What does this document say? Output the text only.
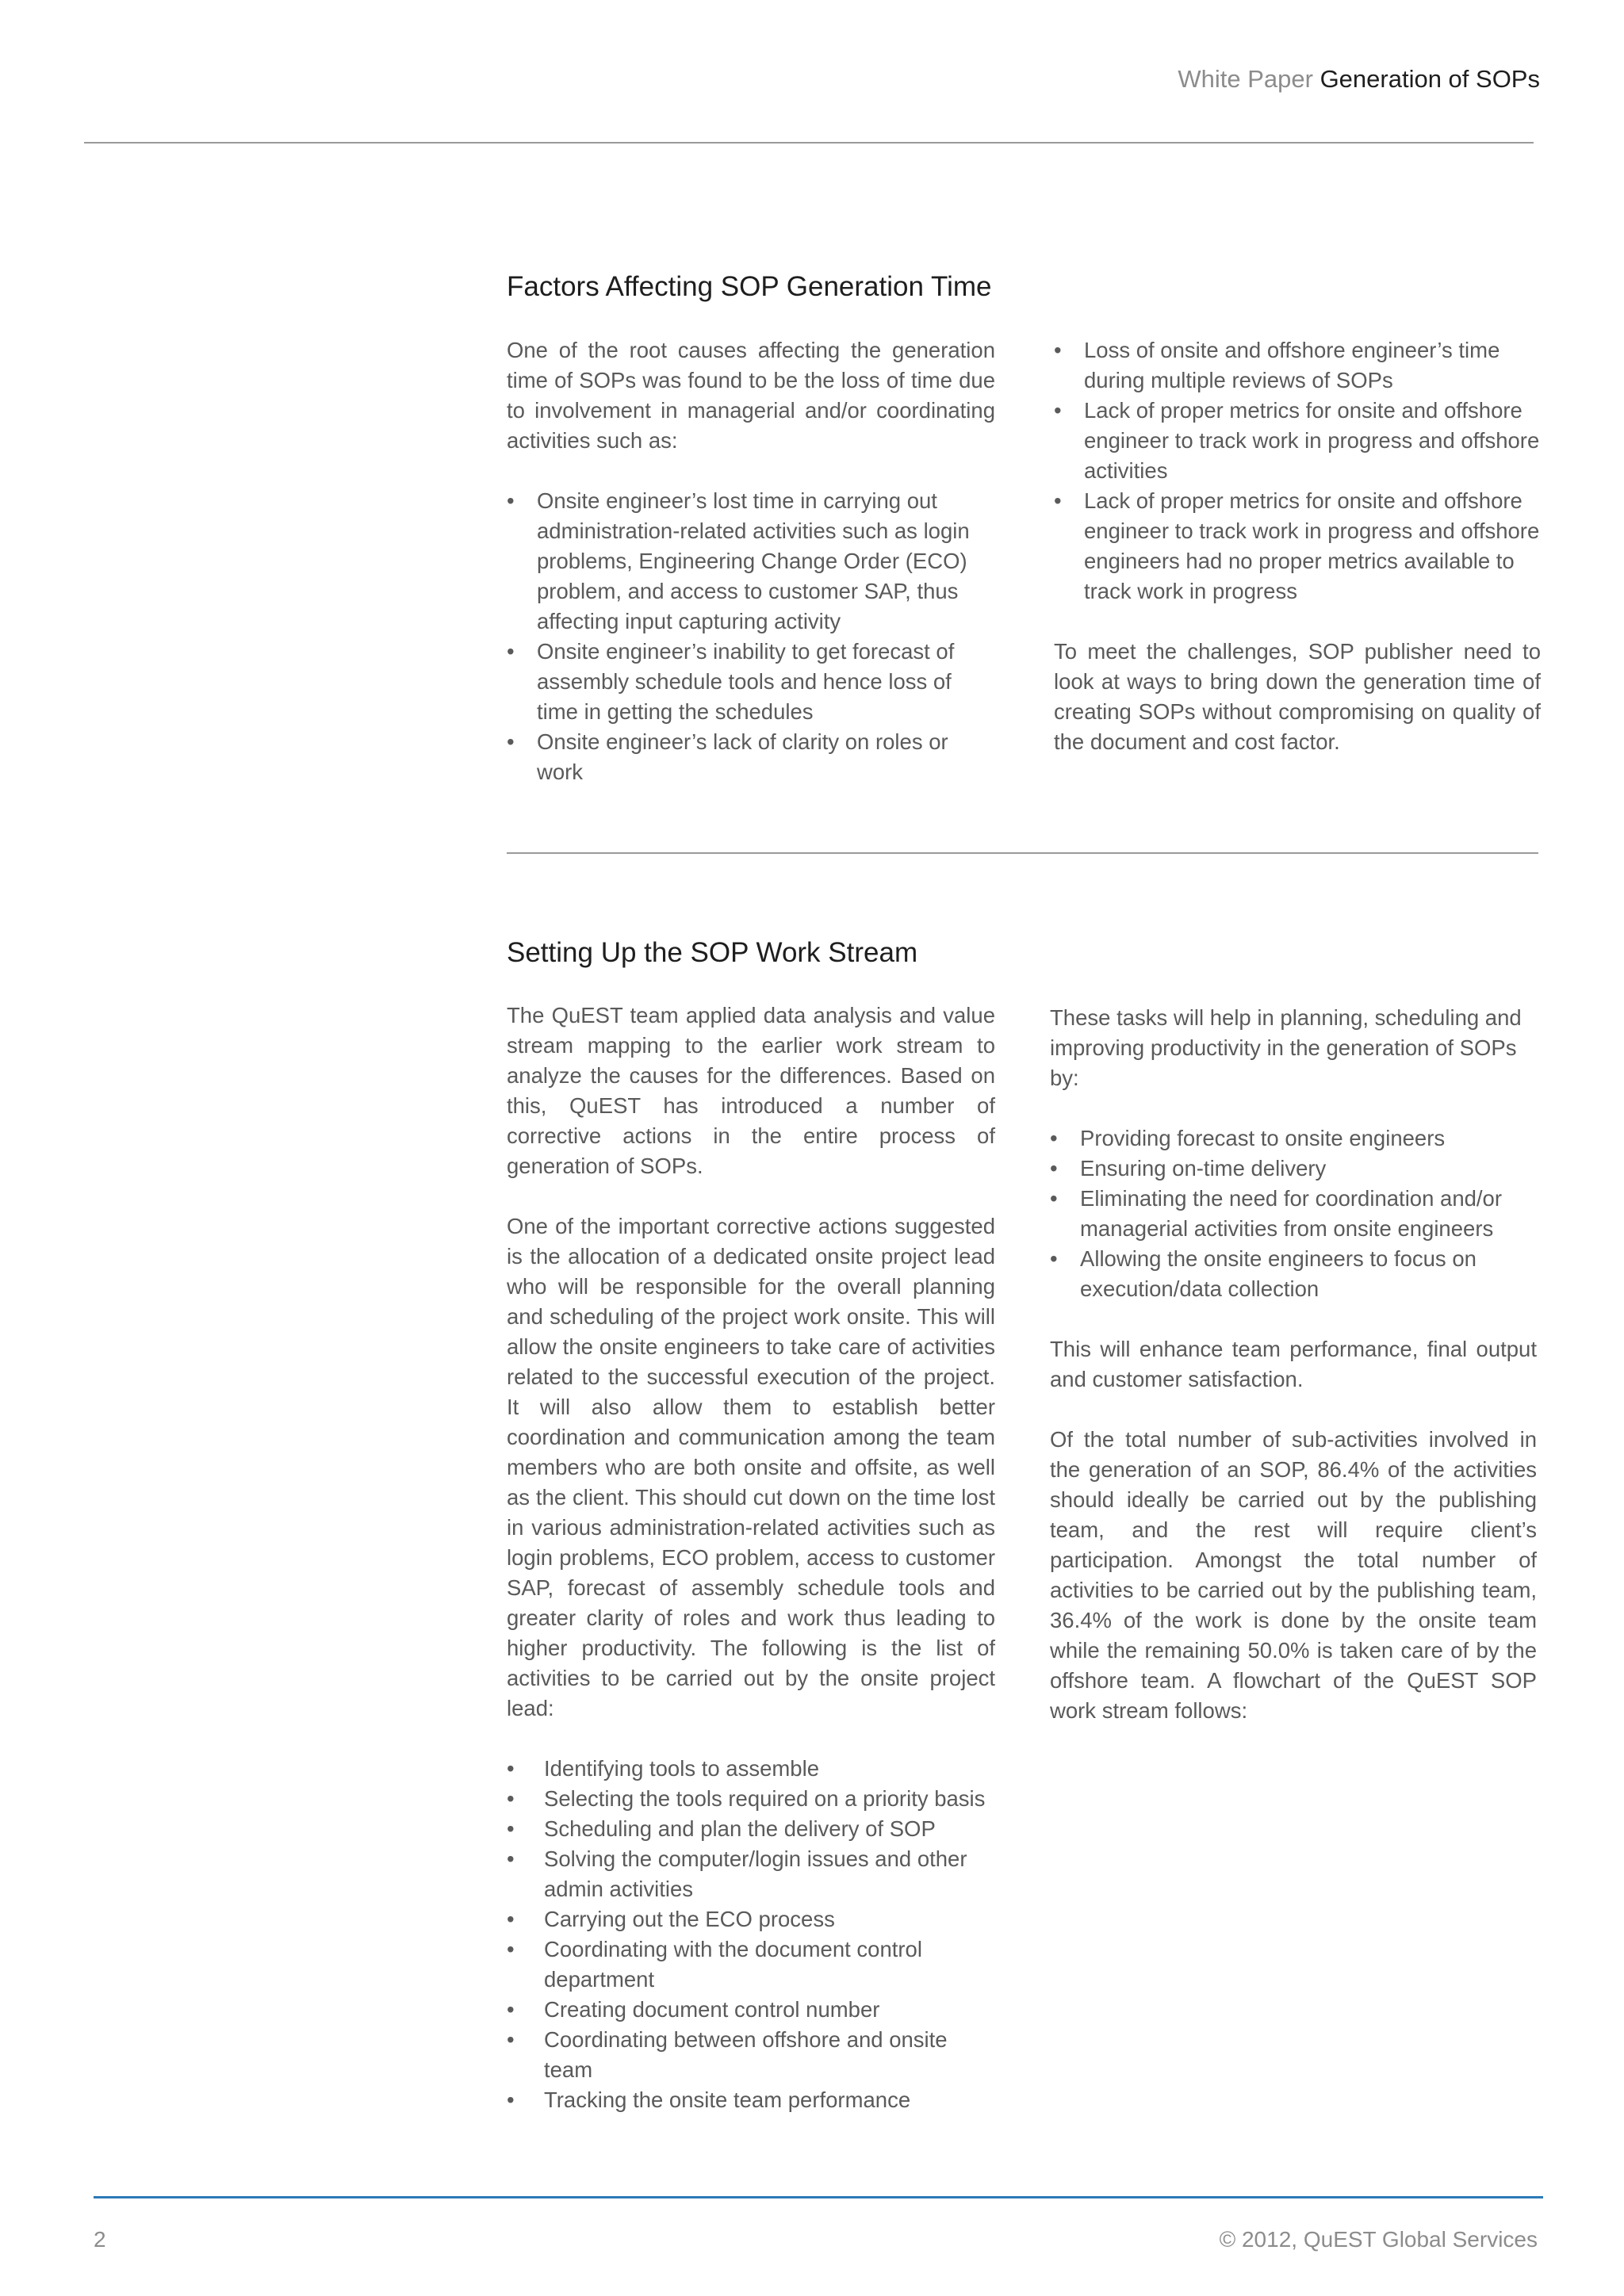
White Paper Generation of SOPs
Factors Affecting SOP Generation Time

One of the root causes affecting the generation time of SOPs was found to be the loss of time due to involvement in managerial and/or coordinating activities such as:

• Onsite engineer’s lost time in carrying out administration-related activities such as login problems, Engineering Change Order (ECO) problem, and access to customer SAP, thus affecting input capturing activity
• Onsite engineer’s inability to get forecast of assembly schedule tools and hence loss of time in getting the schedules
• Onsite engineer’s lack of clarity on roles or work
• Loss of onsite and offshore engineer’s time during multiple reviews of SOPs
• Lack of proper metrics for onsite and offshore engineer to track work in progress and offshore activities
• Lack of proper metrics for onsite and offshore engineer to track work in progress and offshore engineers had no proper metrics available to track work in progress

To meet the challenges, SOP publisher need to look at ways to bring down the generation time of creating SOPs without compromising on quality of the document and cost factor.

Setting Up the SOP Work Stream

The QuEST team applied data analysis and value stream mapping to the earlier work stream to analyze the causes for the differences. Based on this, QuEST has introduced a number of corrective actions in the entire process of generation of SOPs.

One of the important corrective actions suggested is the allocation of a dedicated onsite project lead who will be responsible for the overall planning and scheduling of the project work onsite. This will allow the onsite engineers to take care of activities related to the successful execution of the project. It will also allow them to establish better coordination and communication among the team members who are both onsite and offsite, as well as the client. This should cut down on the time lost in various administration-related activities such as login problems, ECO problem, access to customer SAP, forecast of assembly schedule tools and greater clarity of roles and work thus leading to higher productivity. The following is the list of activities to be carried out by the onsite project lead:

• Identifying tools to assemble
• Selecting the tools required on a priority basis
• Scheduling and plan the delivery of SOP
• Solving the computer/login issues and other admin activities
• Carrying out the ECO process
• Coordinating with the document control department
• Creating document control number
• Coordinating between offshore and onsite team
• Tracking the onsite team performance

These tasks will help in planning, scheduling and improving productivity in the generation of SOPs by:

• Providing forecast to onsite engineers
• Ensuring on-time delivery
• Eliminating the need for coordination and/or managerial activities from onsite engineers
• Allowing the onsite engineers to focus on execution/data collection

This will enhance team performance, final output and customer satisfaction.

Of the total number of sub-activities involved in the generation of an SOP, 86.4% of the activities should ideally be carried out by the publishing team, and the rest will require client’s participation. Amongst the total number of activities to be carried out by the publishing team, 36.4% of the work is done by the onsite team while the remaining 50.0% is taken care of by the offshore team. A flowchart of the QuEST SOP work stream follows:

2	© 2012, QuEST Global Services
